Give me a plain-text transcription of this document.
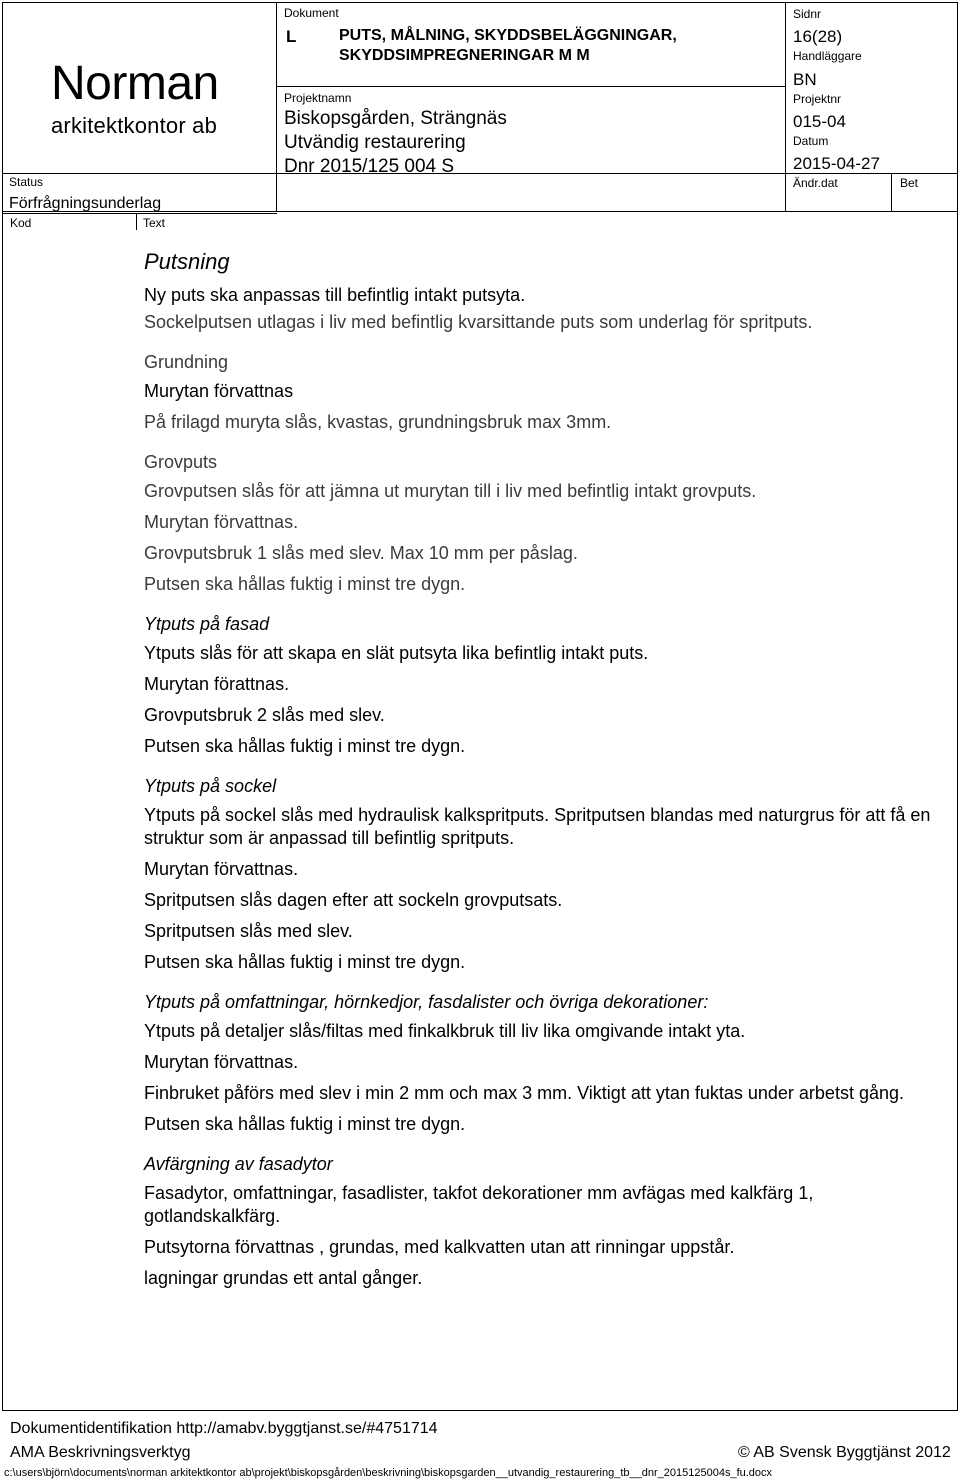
Norman
arkitektkontor ab
Status
Förfrågningsunderlag
Dokument
L	PUTS, MÅLNING, SKYDDSBELÄGGNINGAR,
SKYDDSIMPREGNERINGAR M M
Projektnamn
Biskopsgården, Strängnäs
Utvändig restaurering
Dnr 2015/125 004 S
Sidnr
16(28)
Handläggare
BN
Projektnr
015-04
Datum
2015-04-27
Ändr.dat	Bet
Kod	Text
Putsning
Ny puts ska anpassas till befintlig intakt putsyta.
Sockelputsen utlagas i liv med befintlig kvarsittande puts som underlag för spritputs.
Grundning
Murytan förvattnas
På frilagd muryta slås, kvastas, grundningsbruk max 3mm.
Grovputs
Grovputsen slås för att jämna ut murytan till i liv med befintlig intakt grovputs.
Murytan förvattnas.
Grovputsbruk 1 slås med slev. Max 10 mm per påslag.
Putsen ska hållas fuktig i minst tre dygn.
Ytputs på fasad
Ytputs slås för att skapa en slät putsyta lika befintlig intakt puts.
Murytan förattnas.
Grovputsbruk 2 slås med slev.
Putsen ska hållas fuktig i minst tre dygn.
Ytputs på sockel
Ytputs på sockel slås med hydraulisk kalkspritputs. Spritputsen blandas med naturgrus för att få en struktur som är anpassad till befintlig spritputs.
Murytan förvattnas.
Spritputsen slås dagen efter att sockeln grovputsats.
Spritputsen slås med slev.
Putsen ska hållas fuktig i minst tre dygn.
Ytputs på omfattningar, hörnkedjor, fasdalister och övriga dekorationer:
Ytputs på detaljer slås/filtas med finkalkbruk till liv lika omgivande intakt yta.
Murytan förvattnas.
Finbruket påförs med slev i min 2 mm och max 3 mm. Viktigt att ytan fuktas under arbetst gång.
Putsen ska hållas fuktig i minst tre dygn.
Avfärgning av fasadytor
Fasadytor, omfattningar, fasadlister, takfot dekorationer mm avfägas med kalkfärg 1, gotlandskalkfärg.
Putsytorna förvattnas , grundas, med kalkvatten utan att rinningar uppstår.
lagningar grundas ett antal gånger.
Dokumentidentifikation http://amabv.byggtjanst.se/#4751714
AMA Beskrivningsverktyg	© AB Svensk Byggtjänst 2012
c:\users\björn\documents\norman arkitektkontor ab\projekt\biskopsgården\beskrivning\biskopsgarden__utvandig_restaurering_tb__dnr_2015125004s_fu.docx
